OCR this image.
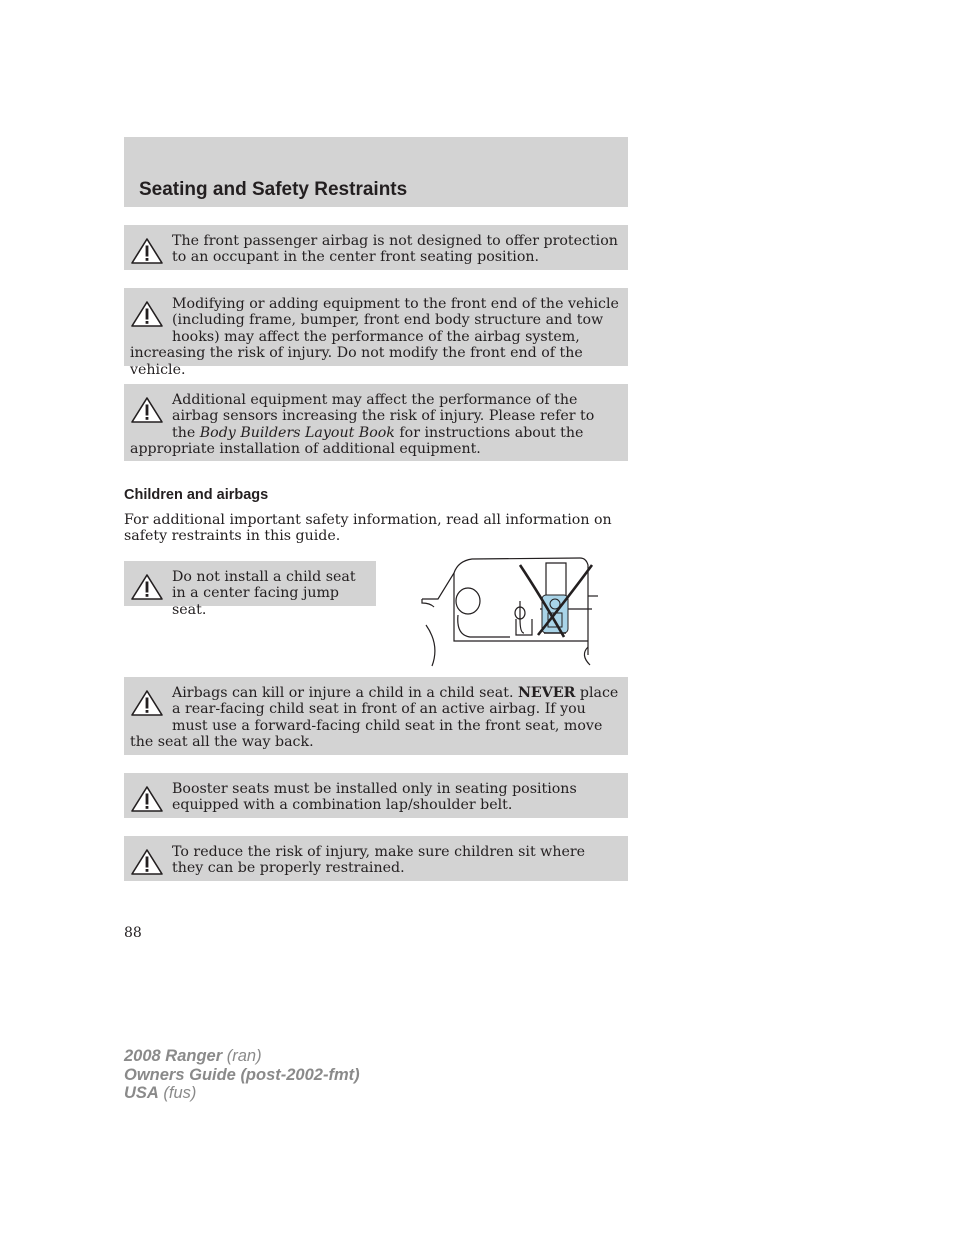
Seating and Safety Restraints

The front passenger airbag is not designed to offer protection to an occupant in the center front seating position.

Modifying or adding equipment to the front end of the vehicle (including frame, bumper, front end body structure and tow hooks) may affect the performance of the airbag system, increasing the risk of injury. Do not modify the front end of the vehicle.

Additional equipment may affect the performance of the airbag sensors increasing the risk of injury. Please refer to the Body Builders Layout Book for instructions about the appropriate installation of additional equipment.

Children and airbags

For additional important safety information, read all information on safety restraints in this guide.

Do not install a child seat in a center facing jump seat.

Airbags can kill or injure a child in a child seat. NEVER place a rear-facing child seat in front of an active airbag. If you must use a forward-facing child seat in the front seat, move the seat all the way back.

Booster seats must be installed only in seating positions equipped with a combination lap/shoulder belt.

To reduce the risk of injury, make sure children sit where they can be properly restrained.

88
2008 Ranger (ran)
Owners Guide (post-2002-fmt)
USA (fus)
